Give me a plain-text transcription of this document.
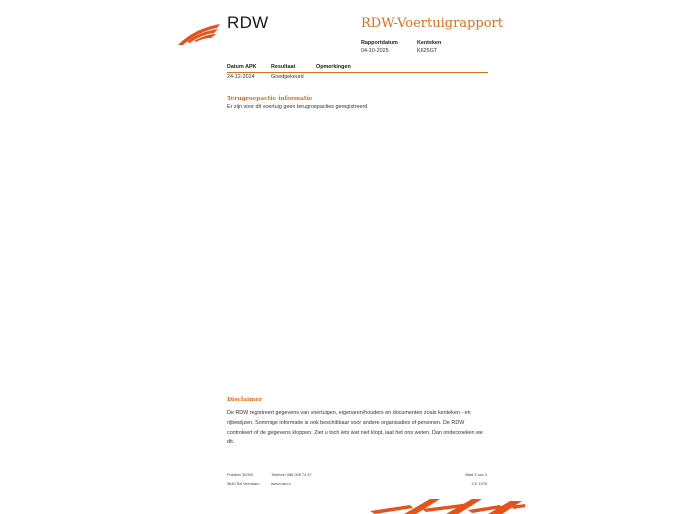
RDW	RDW-Voertuigrapport
Rapportdatum
04-10-2025
Kenteken
K625GT
Datum APK	Resultaat	Opmerkingen
24-12-2024	Goedgekeurd
Terugroepactie informatie
Er zijn voor dit voertuig geen terugroepacties geregistreerd
Disclaimer
De RDW registreert gegevens van voertuigen, eigenaren/houders en documenten zoals kenteken - en rijbewijzen. Sommige informatie is ook beschikbaar voor andere organisaties of personen. De RDW controleert of de gegevens kloppen. Ziet u toch iets wat niet klopt, laat het ons weten. Dan onderzoeken we dit.
Postbus 30000
9640 RA Veendam
Telefoon 088 008 74 47
www.rdw.nl
Blad 3 van 3
3.E 1978
